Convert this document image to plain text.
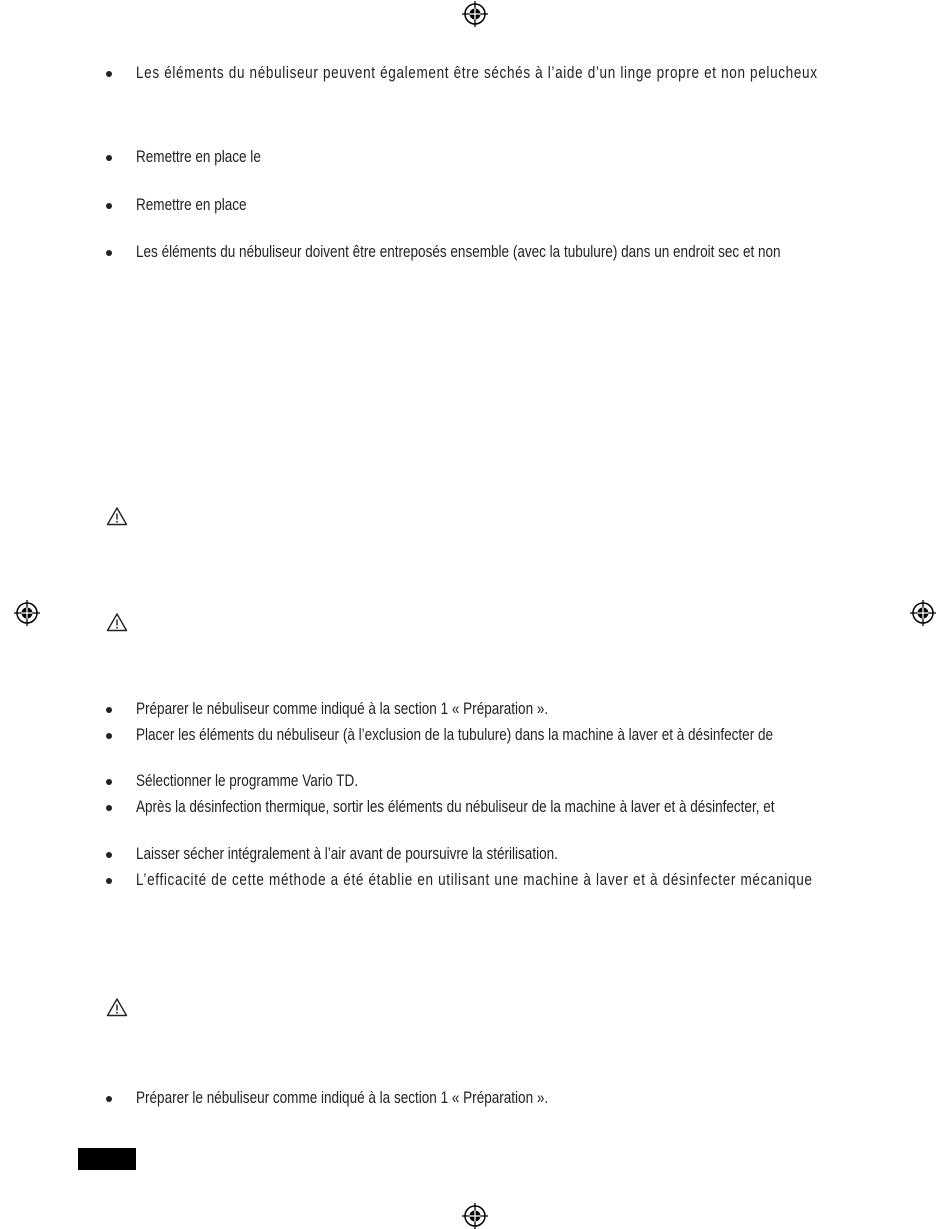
Les éléments du nébuliseur peuvent également être séchés à l’aide d’un linge propre et non pelucheux
Remettre en place le
Remettre en place
Les éléments du nébuliseur doivent être entreposés ensemble (avec la tubulure) dans un endroit sec et non
Préparer le nébuliseur comme indiqué à la section 1 « Préparation ».
Placer les éléments du nébuliseur (à l’exclusion de la tubulure) dans la machine à laver et à désinfecter de
Sélectionner le programme Vario TD.
Après la désinfection thermique, sortir les éléments du nébuliseur de la machine à laver et à désinfecter, et
Laisser sécher intégralement à l’air avant de poursuivre la stérilisation.
L’efficacité de cette méthode a été établie en utilisant une machine à laver et à désinfecter mécanique
Préparer le nébuliseur comme indiqué à la section 1 « Préparation ».
